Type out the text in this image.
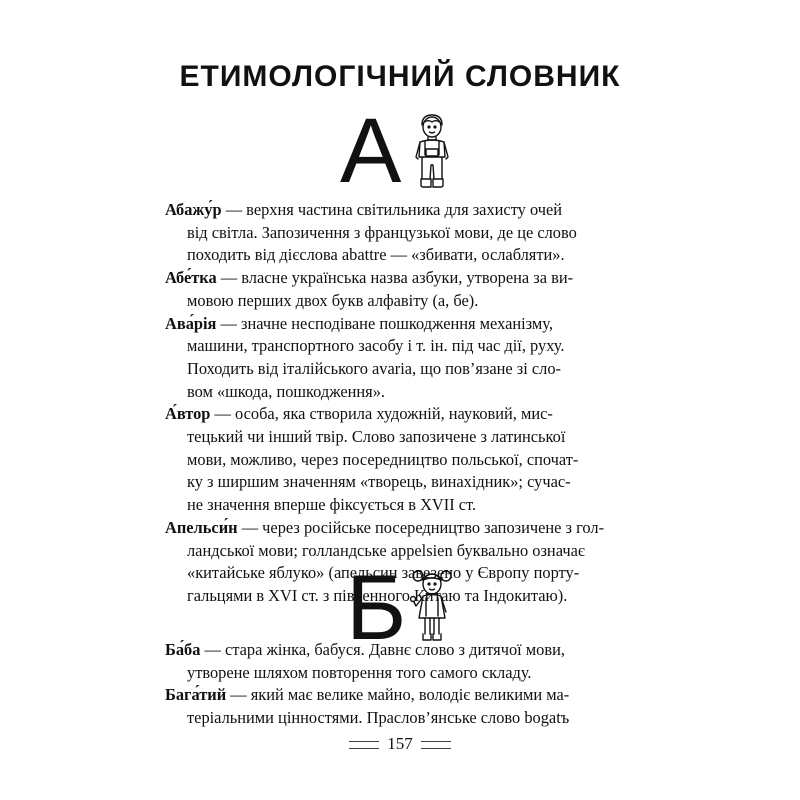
ЕТИМОЛОГІЧНИЙ СЛОВНИК
А

Абажу́р — верхня частина світильника для захисту очей
від світла. Запозичення з французької мови, де це слово
походить від дієслова abattre — «збивати, ослабляти».

Абе́тка — власне українська назва азбуки, утворена за ви-
мовою перших двох букв алфавіту (а, бе).

Ава́рія — значне несподіване пошкодження механізму,
машини, транспортного засобу і т. ін. під час дії, руху.
Походить від італійського avaria, що пов’язане зі сло-
вом «шкода, пошкодження».

А́втор — особа, яка створила художній, науковий, мис-
тецький чи інший твір. Слово запозичене з латинської
мови, можливо, через посередництво польської, спочат-
ку з ширшим значенням «творець, винахідник»; сучас-
не значення вперше фіксується в XVII ст.

Апельси́н — через російське посередництво запозичене з гол-
ландської мови; голландське appelsien буквально означає
«китайське яблуко» (апельсин завезено у Європу порту-
гальцями в XVI ст. з південного Китаю та Індокитаю).

Б

Ба́ба — стара жінка, бабуся. Давнє слово з дитячої мови,
утворене шляхом повторення того самого складу.

Бага́тий — який має велике майно, володіє великими ма-
теріальними цінностями. Праслов’янське слово bogatъ

157
